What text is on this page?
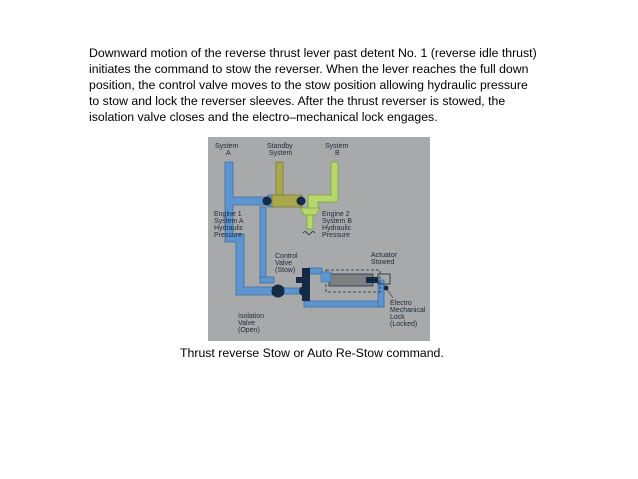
Downward motion of the reverse thrust lever past detent No. 1 (reverse idle thrust)
initiates the command to stow the reverser. When the lever reaches the full down
position, the control valve moves to the stow position allowing hydraulic pressure
to stow and lock the reverser sleeves. After the thrust reverser is stowed, the
isolation valve closes and the electro–mechanical lock engages.
System A
Standby System
System B
Engine 1 System A Hydraulic Pressure
Engine 2 System B Hydraulic Pressure
Control Valve (Stow)
Actuator Stowed
Electro Mechanical Lock (Locked)
Isolation Valve (Open)
Thrust reverse Stow or Auto Re-Stow command.
